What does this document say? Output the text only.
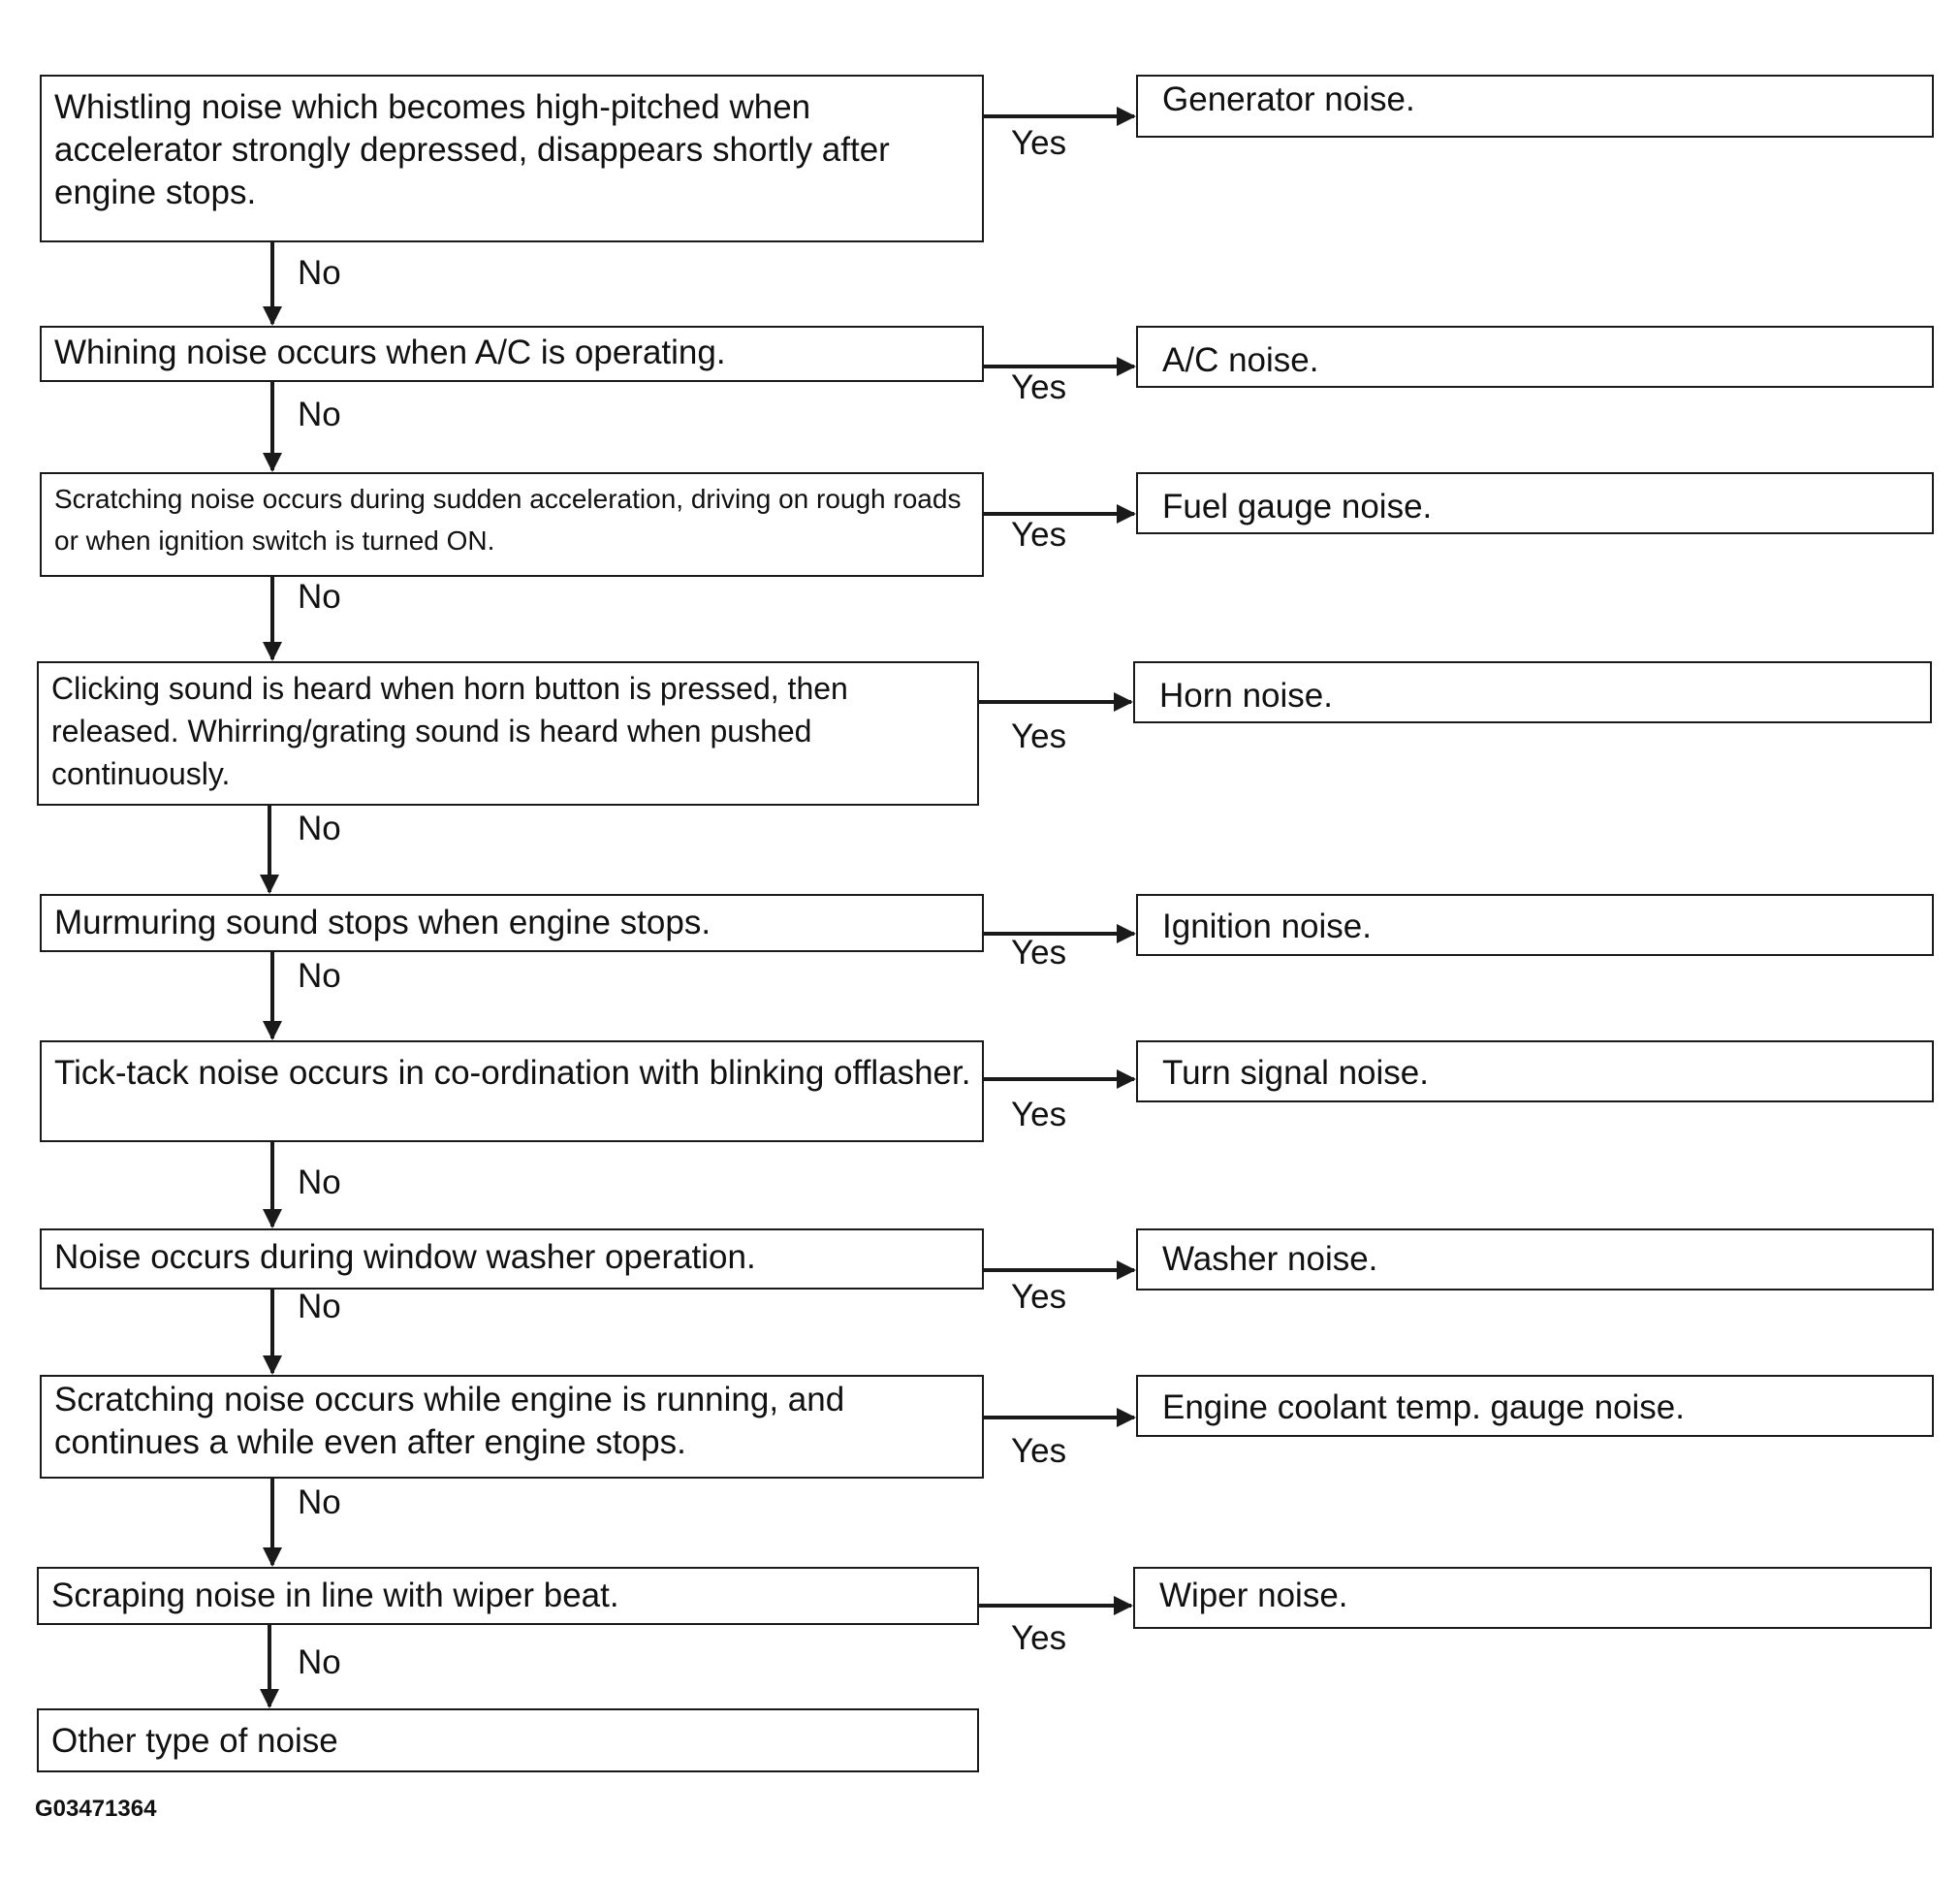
Whistling noise which becomes high-pitched when accelerator strongly depressed, disappears shortly after engine stops.
Whining noise occurs when A/C is operating.
Scratching noise occurs during sudden acceleration, driving on rough roads or when ignition switch is turned ON.
Clicking sound is heard when horn button is pressed, then released. Whirring/grating sound is heard when pushed continuously.
Murmuring sound stops when engine stops.
Tick-tack noise occurs in co-ordination with blinking offlasher.
Noise occurs during window washer operation.
Scratching noise occurs while engine is running, and continues a while even after engine stops.
Scraping noise in line with wiper beat.
Other type of noise
Generator noise.
A/C noise.
Fuel gauge noise.
Horn noise.
Ignition noise.
Turn signal noise.
Washer noise.
Engine coolant temp. gauge noise.
Wiper noise.
Yes
Yes
Yes
Yes
Yes
Yes
Yes
Yes
Yes
No
No
No
No
No
No
No
No
No
G03471364
